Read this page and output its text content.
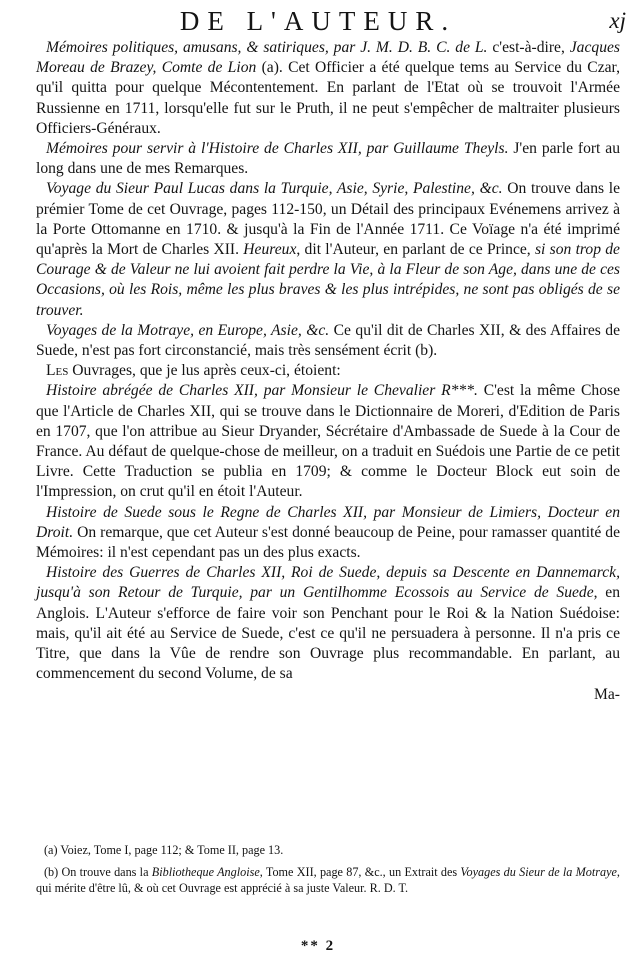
DE L'AUTEUR.	xj

Mémoires politiques, amusans, & satiriques, par J. M. D. B. C. de L. c'est-à-dire, Jacques Moreau de Brazey, Comte de Lion (a). Cet Officier a été quelque tems au Service du Czar, qu'il quitta pour quelque Mécontentement. En parlant de l'Etat où se trouvoit l'Armée Russienne en 1711, lorsqu'elle fut sur le Pruth, il ne peut s'empêcher de maltraiter plusieurs Officiers-Généraux.

Mémoires pour servir à l'Histoire de Charles XII, par Guillaume Theyls. J'en parle fort au long dans une de mes Remarques.

Voyage du Sieur Paul Lucas dans la Turquie, Asie, Syrie, Palestine, &c. On trouve dans le prémier Tome de cet Ouvrage, pages 112-150, un Détail des principaux Evénemens arrivez à la Porte Ottomanne en 1710. & jusqu'à la Fin de l'Année 1711. Ce Voïage n'a été imprimé qu'après la Mort de Charles XII. Heureux, dit l'Auteur, en parlant de ce Prince, si son trop de Courage & de Valeur ne lui avoient fait perdre la Vie, à la Fleur de son Age, dans une de ces Occasions, où les Rois, même les plus braves & les plus intrépides, ne sont pas obligés de se trouver.

Voyages de la Motraye, en Europe, Asie, &c. Ce qu'il dit de Charles XII, & des Affaires de Suede, n'est pas fort circonstancié, mais très sensément écrit (b).

Les Ouvrages, que je lus après ceux-ci, étoient:

Histoire abrégée de Charles XII, par Monsieur le Chevalier R***. C'est la même Chose que l'Article de Charles XII, qui se trouve dans le Dictionnaire de Moreri, d'Edition de Paris en 1707, que l'on attribue au Sieur Dryander, Sécrétaire d'Ambassade de Suede à la Cour de France. Au défaut de quelque-chose de meilleur, on a traduit en Suédois une Partie de ce petit Livre. Cette Traduction se publia en 1709; & comme le Docteur Block eut soin de l'Impression, on crut qu'il en étoit l'Auteur.

Histoire de Suede sous le Regne de Charles XII, par Monsieur de Limiers, Docteur en Droit. On remarque, que cet Auteur s'est donné beaucoup de Peine, pour ramasser quantité de Mémoires: il n'est cependant pas un des plus exacts.

Histoire des Guerres de Charles XII, Roi de Suede, depuis sa Descente en Dannemarck, jusqu'à son Retour de Turquie, par un Gentilhomme Ecossois au Service de Suede, en Anglois. L'Auteur s'efforce de faire voir son Penchant pour le Roi & la Nation Suédoise: mais, qu'il ait été au Service de Suede, c'est ce qu'il ne persuadera à personne. Il n'a pris ce Titre, que dans la Vûe de rendre son Ouvrage plus recommandable. En parlant, au commencement du second Volume, de sa

Ma-

(a) Voiez, Tome I, page 112; & Tome II, page 13.

(b) On trouve dans la Bibliotheque Angloise, Tome XII, page 87, &c., un Extrait des Voyages du Sieur de la Motraye, qui mérite d'être lû, & où cet Ouvrage est apprécié à sa juste Valeur. R. D. T.

** 2
